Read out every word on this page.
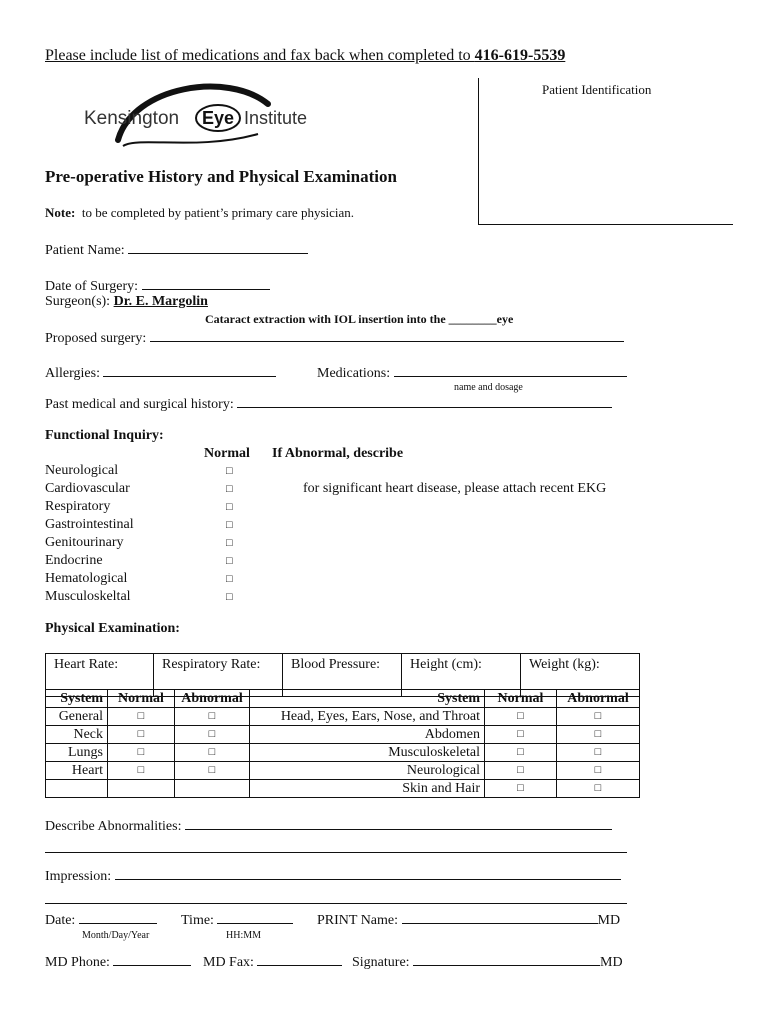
Please include list of medications and fax back when completed to 416-619-5539
Patient Identification
Kensington Eye Institute
Pre-operative History and Physical Examination
Note: to be completed by patient’s primary care physician.
Patient Name:
Date of Surgery:
Surgeon(s): Dr. E. Margolin
Cataract extraction with IOL insertion into the ________eye
Proposed surgery:
Allergies:	Medications:
name and dosage
Past medical and surgical history:
Functional Inquiry:
Normal If Abnormal, describe
Neurological	□
Cardiovascular	□
Respiratory	□
Gastrointestinal	□
Genitourinary	□
Endocrine	□
Hematological	□
Musculoskeltal	□
for significant heart disease, please attach recent EKG
Physical Examination:
Heart Rate:	Respiratory Rate:	Blood Pressure:	Height (cm):	Weight (kg):
System	Normal	Abnormal	System	Normal	Abnormal
General	□	□	Head, Eyes, Ears, Nose, and Throat	□	□
Neck	□	□	Abdomen	□	□
Lungs	□	□	Musculoskeletal	□	□
Heart	□	□	Neurological	□	□
			Skin and Hair	□	□
Describe Abnormalities:
Impression:
Date:
Month/Day/Year
Time:
HH:MM
PRINT Name:	MD
MD Phone:	MD Fax:	Signature:	MD
